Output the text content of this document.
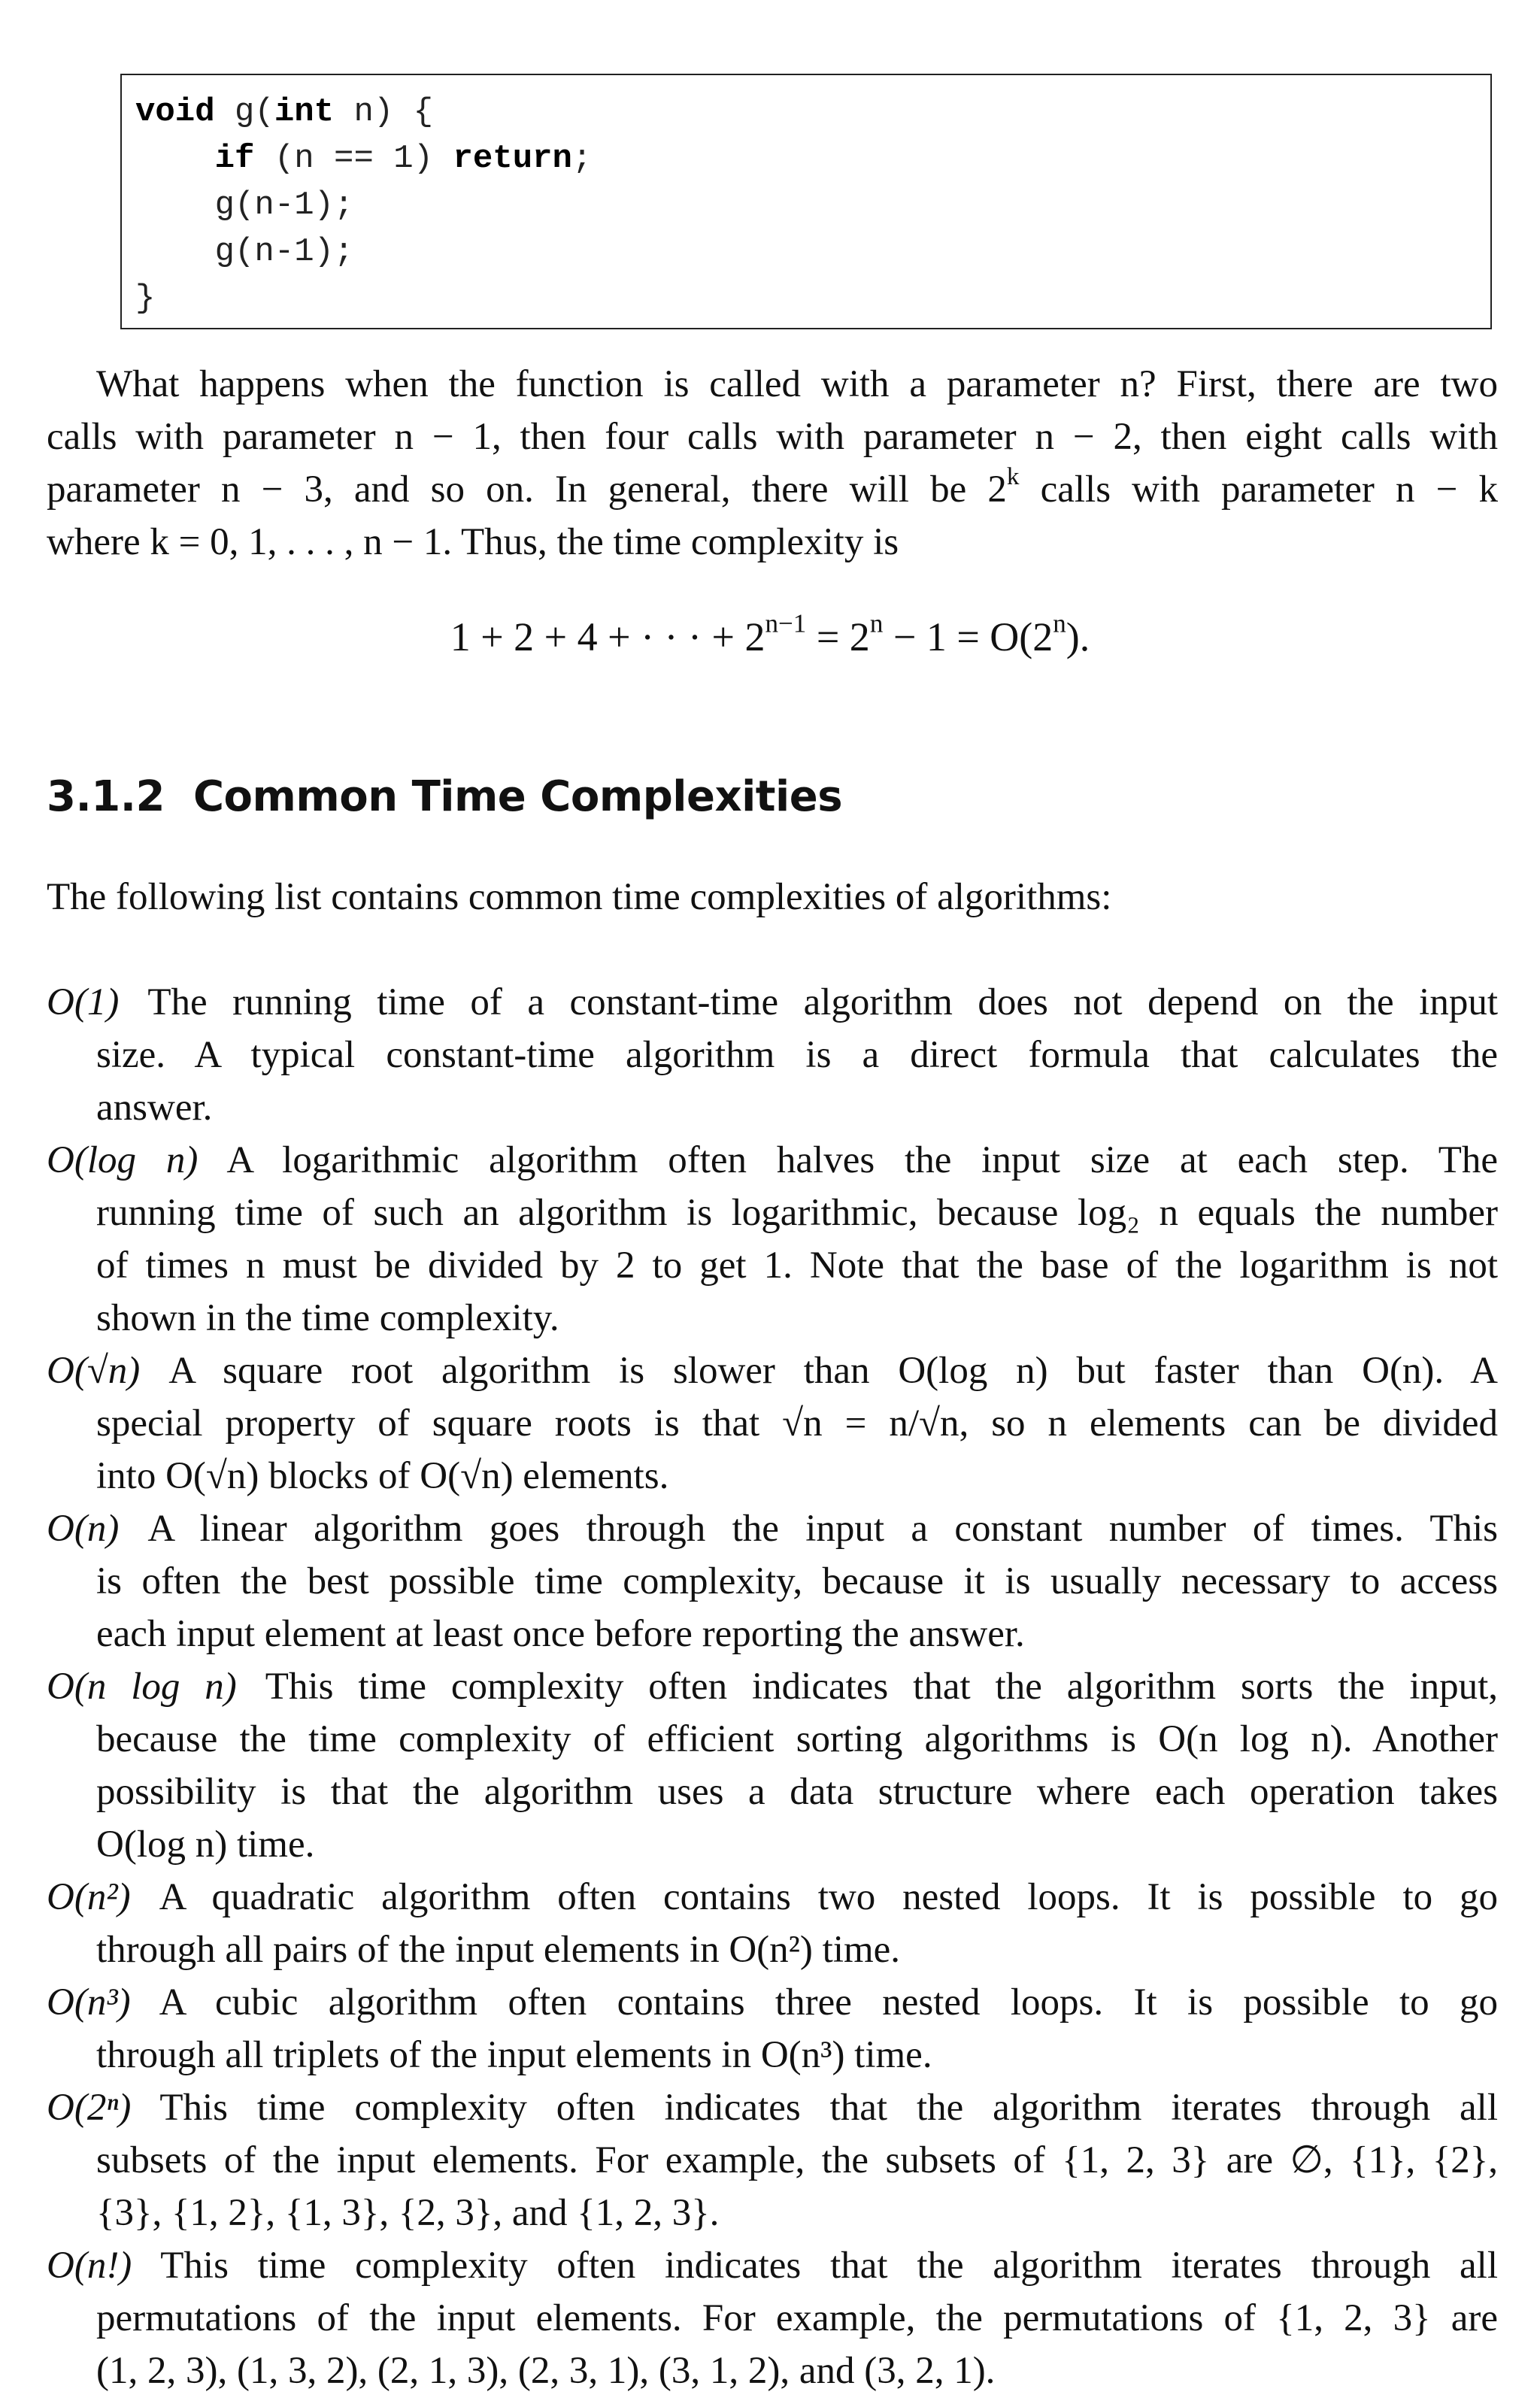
void g(int n) {
if (n == 1) return;
g(n-1);
g(n-1);
}
What happens when the function is called with a parameter n? First, there are two
calls with parameter n − 1, then four calls with parameter n − 2, then eight calls with
parameter n − 3, and so on. In general, there will be 2$^k$ calls with parameter n − k
where k = 0, 1, . . . , n − 1. Thus, the time complexity is
1 + 2 + 4 + · · · + $2^{n-1} = 2^n - 1 = O(2^n)$.
3.1.2 Common Time Complexities
The following list contains common time complexities of algorithms:
O(1) The running time of a constant-time algorithm does not depend on the input
size. A typical constant-time algorithm is a direct formula that calculates the
answer.
O(log n) A logarithmic algorithm often halves the input size at each step. The
running time of such an algorithm is logarithmic, because log₂ n equals the number
of times n must be divided by 2 to get 1. Note that the base of the logarithm is not
shown in the time complexity.
O(√n) A square root algorithm is slower than O(log n) but faster than O(n). A
special property of square roots is that √n = n/√n, so n elements can be divided
into O(√n) blocks of O(√n) elements.
O(n) A linear algorithm goes through the input a constant number of times. This
is often the best possible time complexity, because it is usually necessary to access
each input element at least once before reporting the answer.
O(n log n) This time complexity often indicates that the algorithm sorts the input,
because the time complexity of efficient sorting algorithms is O(n log n). Another
possibility is that the algorithm uses a data structure where each operation takes
O(log n) time.
O(n²) A quadratic algorithm often contains two nested loops. It is possible to go
through all pairs of the input elements in O(n²) time.
O(n³) A cubic algorithm often contains three nested loops. It is possible to go
through all triplets of the input elements in O(n³) time.
O(2ⁿ) This time complexity often indicates that the algorithm iterates through all
subsets of the input elements. For example, the subsets of {1, 2, 3} are ∅, {1}, {2},
{3}, {1, 2}, {1, 3}, {2, 3}, and {1, 2, 3}.
O(n!) This time complexity often indicates that the algorithm iterates through all
permutations of the input elements. For example, the permutations of {1, 2, 3} are
(1, 2, 3), (1, 3, 2), (2, 1, 3), (2, 3, 1), (3, 1, 2), and (3, 2, 1).
